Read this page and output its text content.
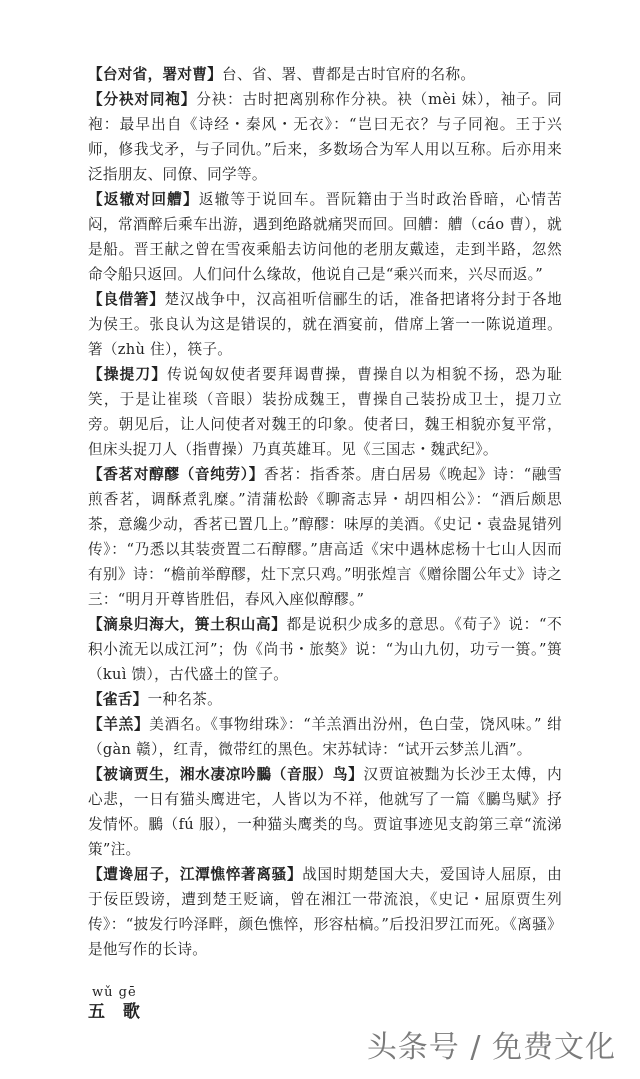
【台对省，署对曹】台、省、署、曹都是古时官府的名称。

【分袂对同袍】分袂：古时把离别称作分袂。袂（mèi 妹），袖子。同袍：最早出自《诗经・秦风・无衣》：“岂曰无衣？与子同袍。王于兴师，修我戈矛，与子同仇。”后来，多数场合为军人用以互称。后亦用来泛指朋友、同僚、同学等。

【返辙对回艚】返辙等于说回车。晋阮籍由于当时政治昏暗，心情苦闷，常酒醉后乘车出游，遇到绝路就痛哭而回。回艚：艚（cáo 曹），就是船。晋王献之曾在雪夜乘船去访问他的老朋友戴逵，走到半路，忽然命令船只返回。人们问什么缘故，他说自己是“乘兴而来，兴尽而返。”

【良借箸】楚汉战争中，汉高祖听信郦生的话，准备把诸将分封于各地为侯王。张良认为这是错误的，就在酒宴前，借席上箸一一陈说道理。箸（zhù 住），筷子。

【操提刀】传说匈奴使者要拜谒曹操，曹操自以为相貌不扬，恐为耻笑，于是让崔琰（音眼）装扮成魏王，曹操自己装扮成卫士，提刀立旁。朝见后，让人问使者对魏王的印象。使者曰，魏王相貌亦复平常，但床头捉刀人（指曹操）乃真英雄耳。见《三国志・魏武纪》。

【香茗对醇醪（音纯劳）】香茗：指香茶。唐白居易《晚起》诗：“融雪煎香茗，调酥煮乳糜。”清蒲松龄《聊斋志异・胡四相公》：“酒后颇思茶，意纔少动，香茗已置几上。”醇醪：味厚的美酒。《史记・袁盎晁错列传》：“乃悉以其装赍置二石醇醪。”唐高适《宋中遇林虑杨十七山人因而有别》诗：“檐前举醇醪，灶下烹只鸡。”明张煌言《赠徐闇公年丈》诗之三：“明月开尊皆胜侣，春风入座似醇醪。”

【滴泉归海大，篑土积山高】都是说积少成多的意思。《荀子》说：“不积小流无以成江河”；伪《尚书・旅獒》说：“为山九仞，功亏一篑。”篑（kuì 馈），古代盛土的筐子。

【雀舌】一种名茶。

【羊羔】美酒名。《事物绀珠》：“羊羔酒出汾州，色白莹，饶风味。” 绀（gàn 赣），红青，微带红的黑色。宋苏轼诗：“试开云梦羔儿酒”。

【被谪贾生，湘水凄凉吟鵩（音服）鸟】汉贾谊被黜为长沙王太傅，内心悲，一日有猫头鹰进宅，人皆以为不祥，他就写了一篇《鵩鸟赋》抒发情怀。鵩（fú 服），一种猫头鹰类的鸟。贾谊事迹见支韵第三章“流涕策”注。

【遭谗屈子，江潭憔悴著离骚】战国时期楚国大夫，爱国诗人屈原，由于佞臣毁谤，遭到楚王贬谪，曾在湘江一带流浪，《史记・屈原贾生列传》：“披发行吟泽畔，颜色憔悴，形容枯槁。”后投汨罗江而死。《离骚》是他写作的长诗。

wǔ gē
五 歌
头条号 / 免费文化
